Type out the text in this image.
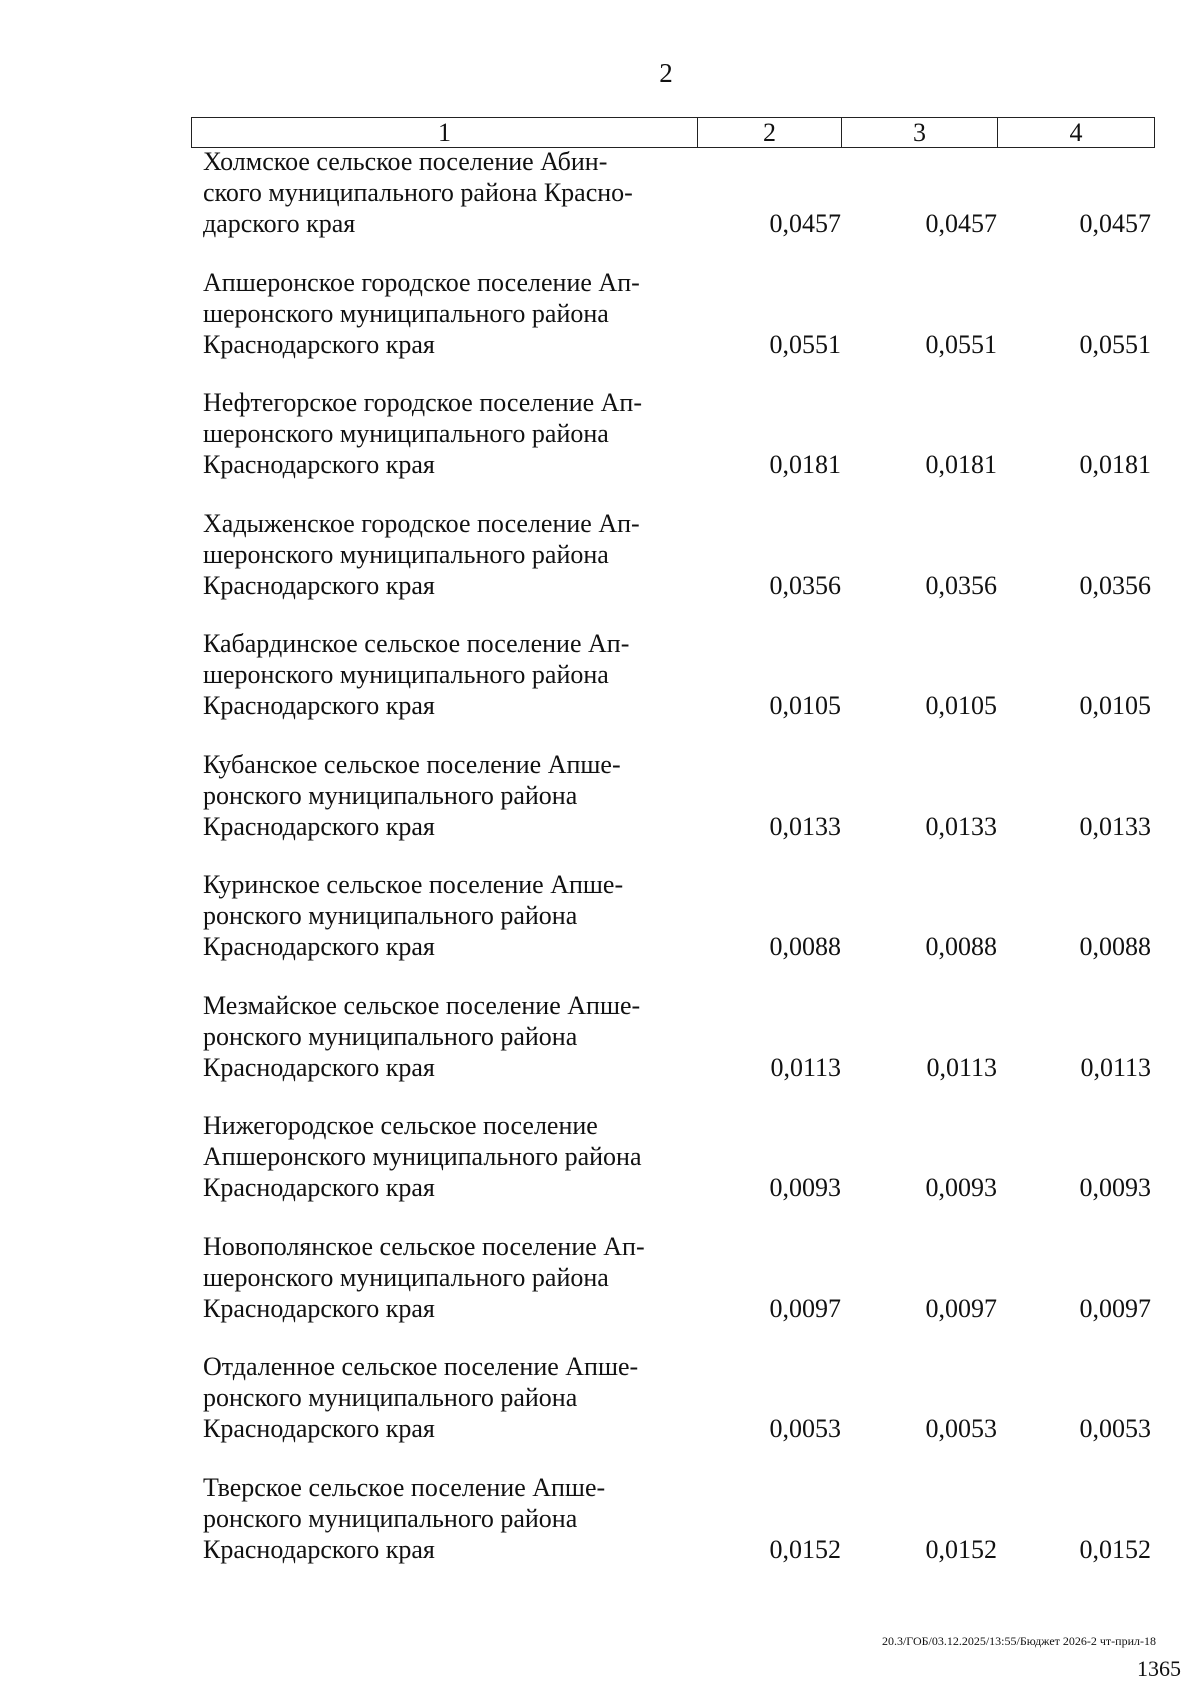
2
1	2	3	4
Холмское сельское поселение Абин-
ского муниципального района Красно-
дарского края	0,0457	0,0457	0,0457
Апшеронское городское поселение Ап-
шеронского муниципального района
Краснодарского края	0,0551	0,0551	0,0551
Нефтегорское городское поселение Ап-
шеронского муниципального района
Краснодарского края	0,0181	0,0181	0,0181
Хадыженское городское поселение Ап-
шеронского муниципального района
Краснодарского края	0,0356	0,0356	0,0356
Кабардинское сельское поселение Ап-
шеронского муниципального района
Краснодарского края	0,0105	0,0105	0,0105
Кубанское сельское поселение Апше-
ронского муниципального района
Краснодарского края	0,0133	0,0133	0,0133
Куринское сельское поселение Апше-
ронского муниципального района
Краснодарского края	0,0088	0,0088	0,0088
Мезмайское сельское поселение Апше-
ронского муниципального района
Краснодарского края	0,0113	0,0113	0,0113
Нижегородское сельское поселение
Апшеронского муниципального района
Краснодарского края	0,0093	0,0093	0,0093
Новополянское сельское поселение Ап-
шеронского муниципального района
Краснодарского края	0,0097	0,0097	0,0097
Отдаленное сельское поселение Апше-
ронского муниципального района
Краснодарского края	0,0053	0,0053	0,0053
Тверское сельское поселение Апше-
ронского муниципального района
Краснодарского края	0,0152	0,0152	0,0152
20.3/ГОБ/03.12.2025/13:55/Бюджет 2026-2 чт-прил-18
1365
